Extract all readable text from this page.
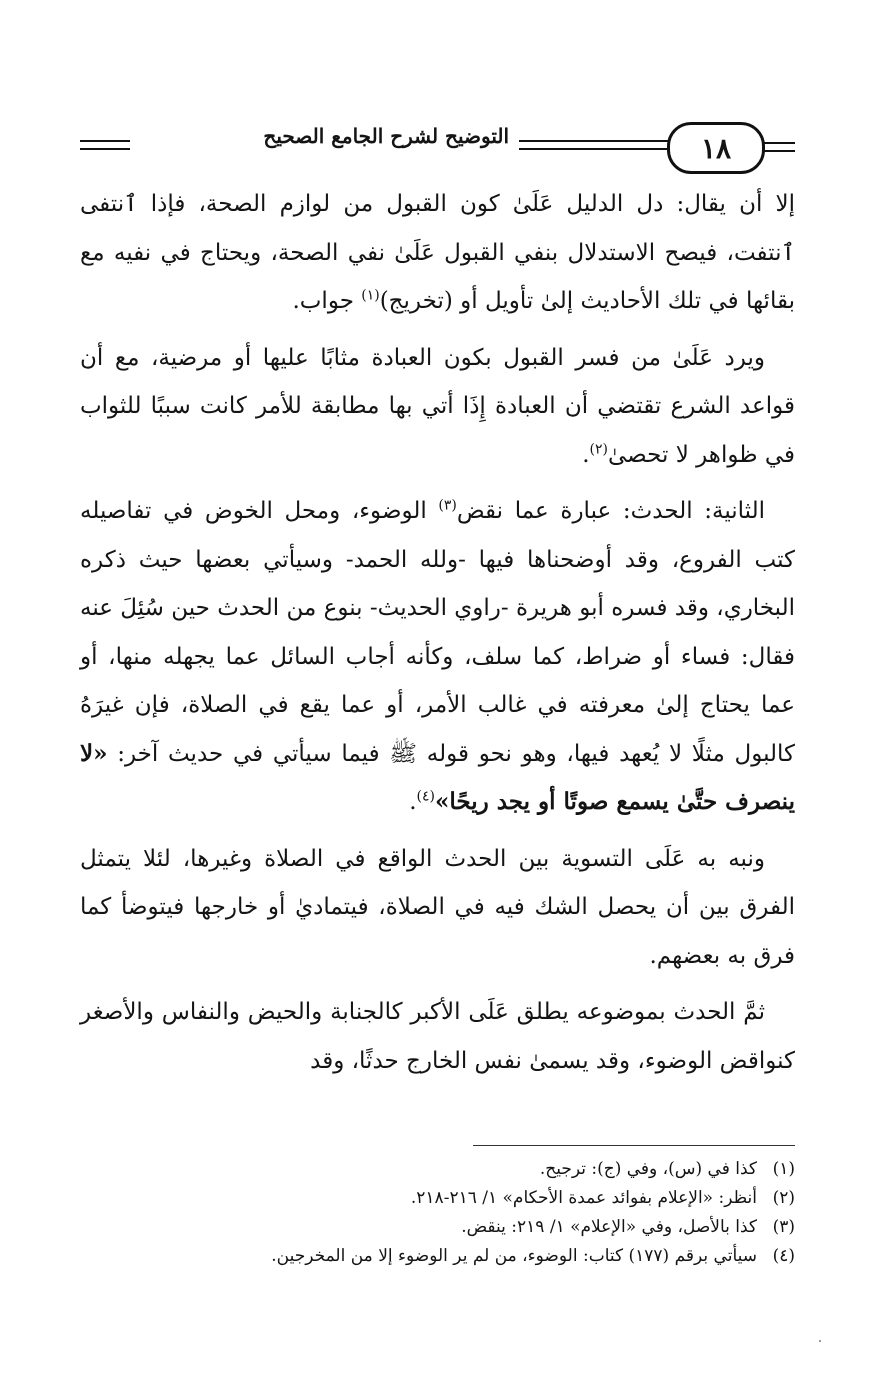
١٨
التوضيح لشرح الجامع الصحيح

إلا أن يقال: دل الدليل عَلَىٰ كون القبول من لوازم الصحة، فإذا ٱنتفى ٱنتفت، فيصح الاستدلال بنفي القبول عَلَىٰ نفي الصحة، ويحتاج في نفيه مع بقائها في تلك الأحاديث إلىٰ تأويل أو (تخريج)$^{(١)}$ جواب.

ويرد عَلَىٰ من فسر القبول بكون العبادة مثابًا عليها أو مرضية، مع أن قواعد الشرع تقتضي أن العبادة إِذَا أتي بها مطابقة للأمر كانت سببًا للثواب في ظواهر لا تحصىٰ$^{(٢)}$.

الثانية: الحدث: عبارة عما نقض$^{(٣)}$ الوضوء، ومحل الخوض في تفاصيله كتب الفروع، وقد أوضحناها فيها -ولله الحمد- وسيأتي بعضها حيث ذكره البخاري، وقد فسره أبو هريرة -راوي الحديث- بنوع من الحدث حين سُئِلَ عنه فقال: فساء أو ضراط، كما سلف، وكأنه أجاب السائل عما يجهله منها، أو عما يحتاج إلىٰ معرفته في غالب الأمر، أو عما يقع في الصلاة، فإن غيرَهُ كالبول مثلًا لا يُعهد فيها، وهو نحو قوله ﷺ فيما سيأتي في حديث آخر: «لا ينصرف حتَّىٰ يسمع صوتًا أو يجد ريحًا»$^{(٤)}$.

ونبه به عَلَى التسوية بين الحدث الواقع في الصلاة وغيرها، لئلا يتمثل الفرق بين أن يحصل الشك فيه في الصلاة، فيتماديٰ أو خارجها فيتوضأ كما فرق به بعضهم.

ثمَّ الحدث بموضوعه يطلق عَلَى الأكبر كالجنابة والحيض والنفاس والأصغر كنواقض الوضوء، وقد يسمىٰ نفس الخارج حدثًا، وقد

(١)
كذا في (س)، وفي (ج): ترجيح.
(٢)
أنظر: «الإعلام بفوائد عمدة الأحكام» ١/ ٢١٦-٢١٨.
(٣)
كذا بالأصل، وفي «الإعلام» ١/ ٢١٩: ينقض.
(٤)
سيأتي برقم (١٧٧) كتاب: الوضوء، من لم ير الوضوء إلا من المخرجين.
